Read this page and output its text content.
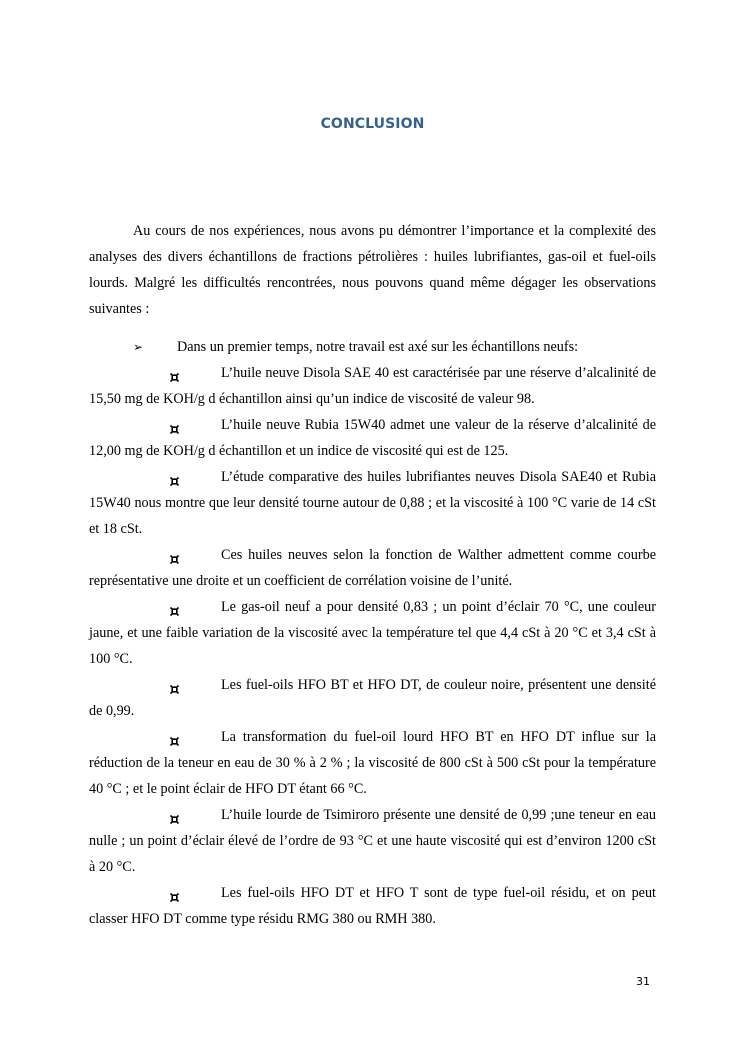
CONCLUSION

Au cours de nos expériences, nous avons pu démontrer l’importance et la complexité des analyses des divers échantillons de fractions pétrolières : huiles lubrifiantes, gas-oil et fuel-oils lourds. Malgré les difficultés rencontrées, nous pouvons quand même dégager les observations suivantes :

➢ Dans un premier temps, notre travail est axé sur les échantillons neufs:

L’huile neuve Disola SAE 40 est caractérisée par une réserve d’alcalinité de 15,50 mg de KOH/g d échantillon ainsi qu’un indice de viscosité de valeur 98.

L’huile neuve Rubia 15W40 admet une valeur de la réserve d’alcalinité de 12,00 mg de KOH/g d échantillon et un indice de viscosité qui est de 125.

L’étude comparative des huiles lubrifiantes neuves Disola SAE40 et Rubia 15W40 nous montre que leur densité tourne autour de 0,88 ; et la viscosité à 100 °C varie de 14 cSt et 18 cSt.

Ces huiles neuves selon la fonction de Walther admettent comme courbe représentative une droite et un coefficient de corrélation voisine de l’unité.

Le gas-oil neuf a pour densité 0,83 ; un point d’éclair 70 °C, une couleur jaune, et une faible variation de la viscosité avec la température tel que 4,4 cSt à 20 °C et 3,4 cSt à 100 °C.

Les fuel-oils HFO BT et HFO DT, de couleur noire, présentent une densité de 0,99.

La transformation du fuel-oil lourd HFO BT en HFO DT influe sur la réduction de la teneur en eau de 30 % à 2 % ; la viscosité de 800 cSt à 500 cSt pour la température 40 °C ; et le point éclair de HFO DT étant 66 °C.

L’huile lourde de Tsimiroro présente une densité de 0,99 ;une teneur en eau nulle ; un point d’éclair élevé de l’ordre de 93 °C et une haute viscosité qui est d’environ 1200 cSt à 20 °C.

Les fuel-oils HFO DT et HFO T sont de type fuel-oil résidu, et on peut classer HFO DT comme type résidu RMG 380 ou RMH 380.

31
